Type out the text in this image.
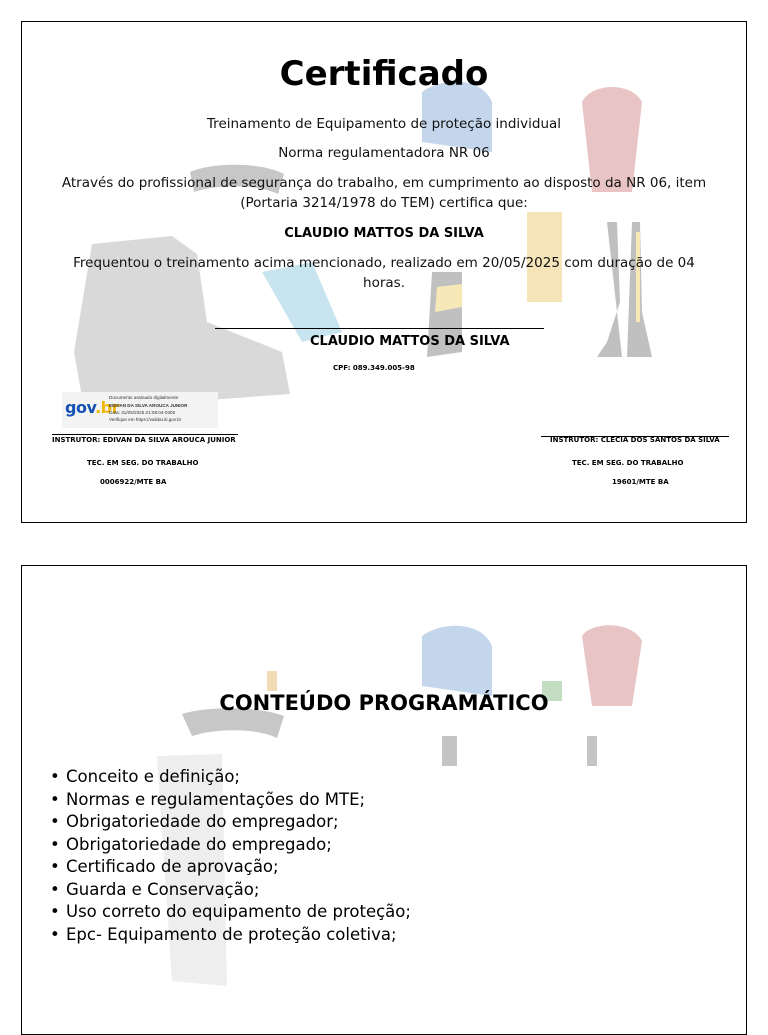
Certificado
Treinamento de Equipamento de proteção individual
Norma regulamentadora NR 06
Através do profissional de segurança do trabalho, em cumprimento ao disposto da NR 06, item
(Portaria 3214/1978 do TEM) certifica que:
CLAUDIO MATTOS DA SILVA
Frequentou o treinamento acima mencionado, realizado em 20/05/2025 com duração de 04
horas.
CLAUDIO MATTOS DA SILVA
CPF: 089.349.005-98
gov.br
Documento assinado digitalmente
EDIVAN DA SILVA AROUCA JUNIOR
Data: 31/05/2025 21:08:04-0300
Verifique em https://validar.iti.gov.br
INSTRUTOR: EDIVAN DA SILVA AROUCA JUNIOR
TEC. EM SEG. DO TRABALHO
0006922/MTE BA
INSTRUTOR: CLECIA DOS SANTOS DA SILVA
TEC. EM SEG. DO TRABALHO
19601/MTE BA
CONTEÚDO PROGRAMÁTICO
• Conceito e definição;
• Normas e regulamentações do MTE;
• Obrigatoriedade do empregador;
• Obrigatoriedade do empregado;
• Certificado de aprovação;
• Guarda e Conservação;
• Uso correto do equipamento de proteção;
• Epc- Equipamento de proteção coletiva;
